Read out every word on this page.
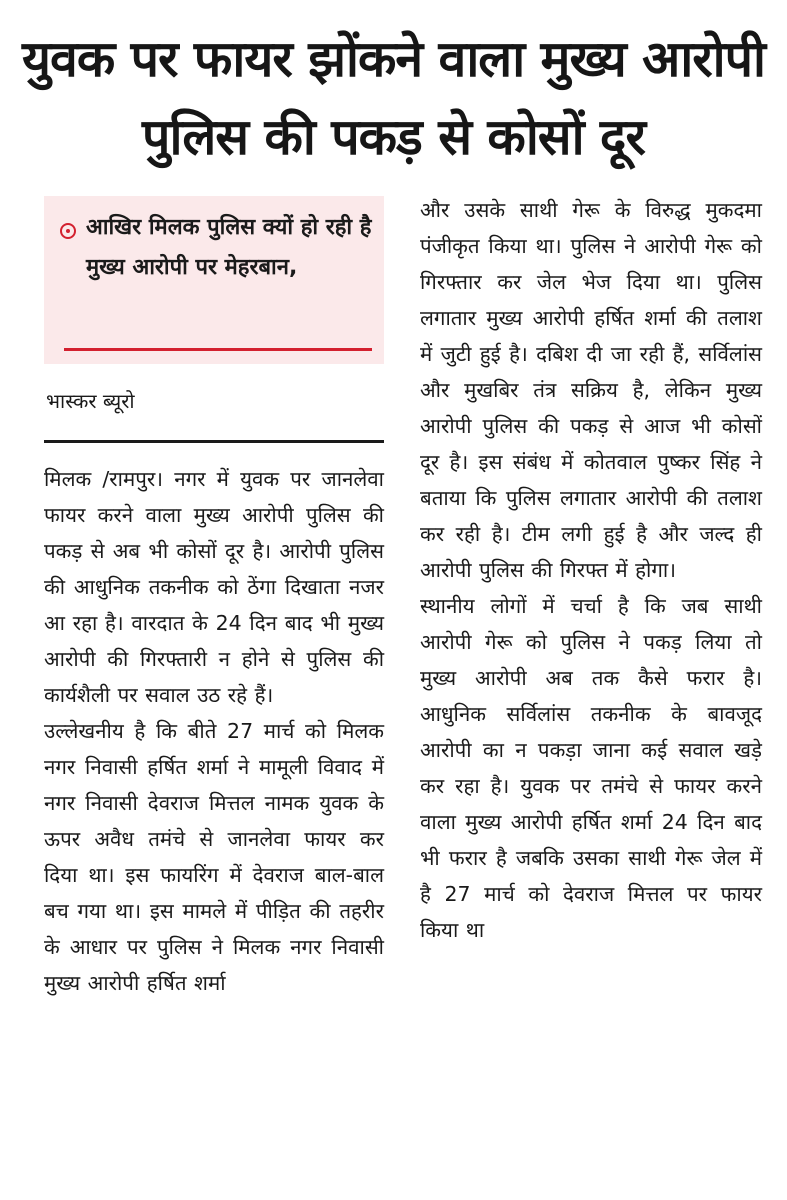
युवक पर फायर झोंकने वाला मुख्य आरोपी
पुलिस की पकड़ से कोसों दूर
आखिर मिलक पुलिस क्यों हो रही है मुख्य आरोपी पर मेहरबान,
भास्कर ब्यूरो

मिलक /रामपुर। नगर में युवक पर जानलेवा फायर करने वाला मुख्य आरोपी पुलिस की पकड़ से अब भी कोसों दूर है। आरोपी पुलिस की आधुनिक तकनीक को ठेंगा दिखाता नजर आ रहा है। वारदात के 24 दिन बाद भी मुख्य आरोपी की गिरफ्तारी न होने से पुलिस की कार्यशैली पर सवाल उठ रहे हैं।

उल्लेखनीय है कि बीते 27 मार्च को मिलक नगर निवासी हर्षित शर्मा ने मामूली विवाद में नगर निवासी देवराज मित्तल नामक युवक के ऊपर अवैध तमंचे से जानलेवा फायर कर दिया था। इस फायरिंग में देवराज बाल-बाल बच गया था। इस मामले में पीड़ित की तहरीर के आधार पर पुलिस ने मिलक नगर निवासी मुख्य आरोपी हर्षित शर्मा

और उसके साथी गेरू के विरुद्ध मुकदमा पंजीकृत किया था। पुलिस ने आरोपी गेरू को गिरफ्तार कर जेल भेज दिया था। पुलिस लगातार मुख्य आरोपी हर्षित शर्मा की तलाश में जुटी हुई है। दबिश दी जा रही हैं, सर्विलांस और मुखबिर तंत्र सक्रिय है, लेकिन मुख्य आरोपी पुलिस की पकड़ से आज भी कोसों दूर है। इस संबंध में कोतवाल पुष्कर सिंह ने बताया कि पुलिस लगातार आरोपी की तलाश कर रही है। टीम लगी हुई है और जल्द ही आरोपी पुलिस की गिरफ्त में होगा।

स्थानीय लोगों में चर्चा है कि जब साथी आरोपी गेरू को पुलिस ने पकड़ लिया तो मुख्य आरोपी अब तक कैसे फरार है। आधुनिक सर्विलांस तकनीक के बावजूद आरोपी का न पकड़ा जाना कई सवाल खड़े कर रहा है। युवक पर तमंचे से फायर करने वाला मुख्य आरोपी हर्षित शर्मा 24 दिन बाद भी फरार है जबकि उसका साथी गेरू जेल में है 27 मार्च को देवराज मित्तल पर फायर किया था
